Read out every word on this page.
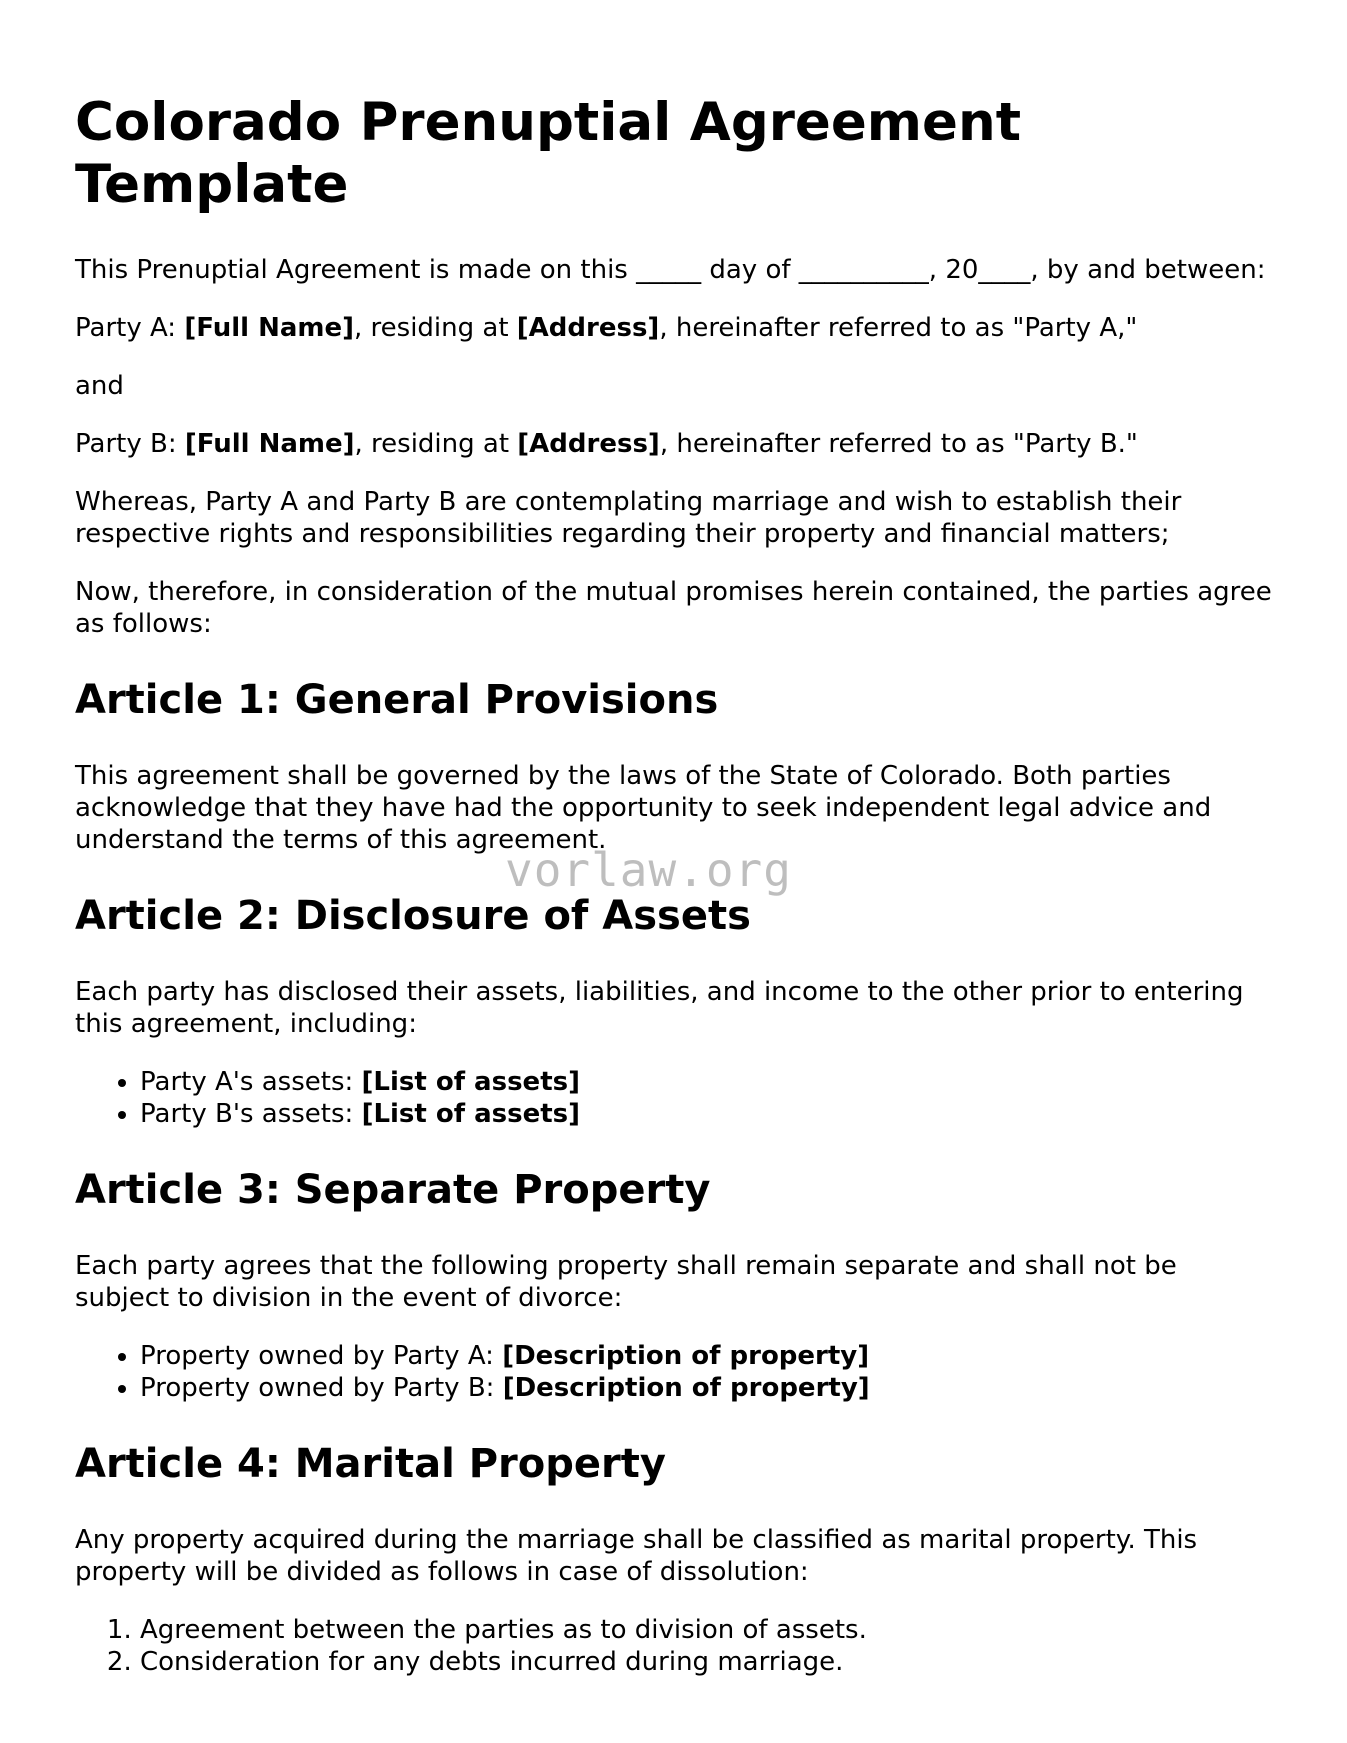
Colorado Prenuptial Agreement Template

This Prenuptial Agreement is made on this _____ day of __________, 20____, by and between:

Party A: [Full Name], residing at [Address], hereinafter referred to as "Party A,"

and

Party B: [Full Name], residing at [Address], hereinafter referred to as "Party B."

Whereas, Party A and Party B are contemplating marriage and wish to establish their respective rights and responsibilities regarding their property and financial matters;

Now, therefore, in consideration of the mutual promises herein contained, the parties agree as follows:

Article 1: General Provisions

This agreement shall be governed by the laws of the State of Colorado. Both parties acknowledge that they have had the opportunity to seek independent legal advice and understand the terms of this agreement.

Article 2: Disclosure of Assets

Each party has disclosed their assets, liabilities, and income to the other prior to entering this agreement, including:

• Party A's assets: [List of assets]
• Party B's assets: [List of assets]
Article 3: Separate Property

Each party agrees that the following property shall remain separate and shall not be subject to division in the event of divorce:

• Property owned by Party A: [Description of property]
• Property owned by Party B: [Description of property]
Article 4: Marital Property

Any property acquired during the marriage shall be classified as marital property. This property will be divided as follows in case of dissolution:

1. Agreement between the parties as to division of assets.
2. Consideration for any debts incurred during marriage.
vorlaw.org
